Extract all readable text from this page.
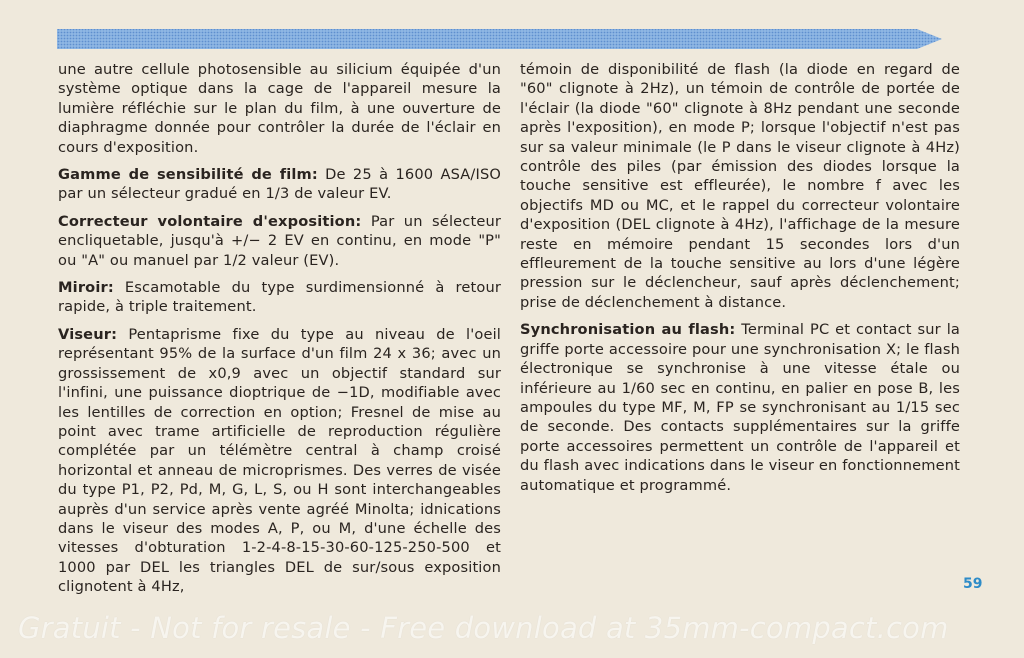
une autre cellule photosensible au silicium équipée d'un système optique dans la cage de l'appareil mesure la lumière réfléchie sur le plan du film, à une ouverture de diaphragme donnée pour contrôler la durée de l'éclair en cours d'exposition.

Gamme de sensibilité de film: De 25 à 1600 ASA/ISO par un sélecteur gradué en 1/3 de valeur EV.

Correcteur volontaire d'exposition: Par un sélecteur encliquetable, jusqu'à +/− 2 EV en continu, en mode "P" ou "A" ou manuel par 1/2 valeur (EV).

Miroir: Escamotable du type surdimensionné à retour rapide, à triple traitement.

Viseur: Pentaprisme fixe du type au niveau de l'oeil représentant 95% de la surface d'un film 24 x 36; avec un grossissement de x0,9 avec un objectif standard sur l'infini, une puissance dioptrique de −1D, modifiable avec les lentilles de correction en option; Fresnel de mise au point avec trame artificielle de reproduction régulière complétée par un télémètre central à champ croisé horizontal et anneau de microprismes. Des verres de visée du type P1, P2, Pd, M, G, L, S, ou H sont interchangeables auprès d'un service après vente agréé Minolta; idnications dans le viseur des modes A, P, ou M, d'une échelle des vitesses d'obturation 1-2-4-8-15-30-60-125-250-500 et 1000 par DEL les triangles DEL de sur/sous exposition clignotent à 4Hz,

témoin de disponibilité de flash (la diode en regard de "60" clignote à 2Hz), un témoin de contrôle de portée de l'éclair (la diode "60" clignote à 8Hz pendant une seconde après l'exposition), en mode P; lorsque l'objectif n'est pas sur sa valeur minimale (le P dans le viseur clignote à 4Hz) contrôle des piles (par émission des diodes lorsque la touche sensitive est effleurée), le nombre f avec les objectifs MD ou MC, et le rappel du correcteur volontaire d'exposition (DEL clignote à 4Hz), l'affichage de la mesure reste en mémoire pendant 15 secondes lors d'un effleurement de la touche sensitive au lors d'une légère pression sur le déclencheur, sauf après déclenchement; prise de déclenchement à distance.

Synchronisation au flash: Terminal PC et contact sur la griffe porte accessoire pour une synchronisation X; le flash électronique se synchronise à une vitesse étale ou inférieure au 1/60 sec en continu, en palier en pose B, les ampoules du type MF, M, FP se synchronisant au 1/15 sec de seconde. Des contacts supplémentaires sur la griffe porte accessoires permettent un contrôle de l'appareil et du flash avec indications dans le viseur en fonctionnement automatique et programmé.

59
Gratuit - Not for resale - Free download at 35mm-compact.com
